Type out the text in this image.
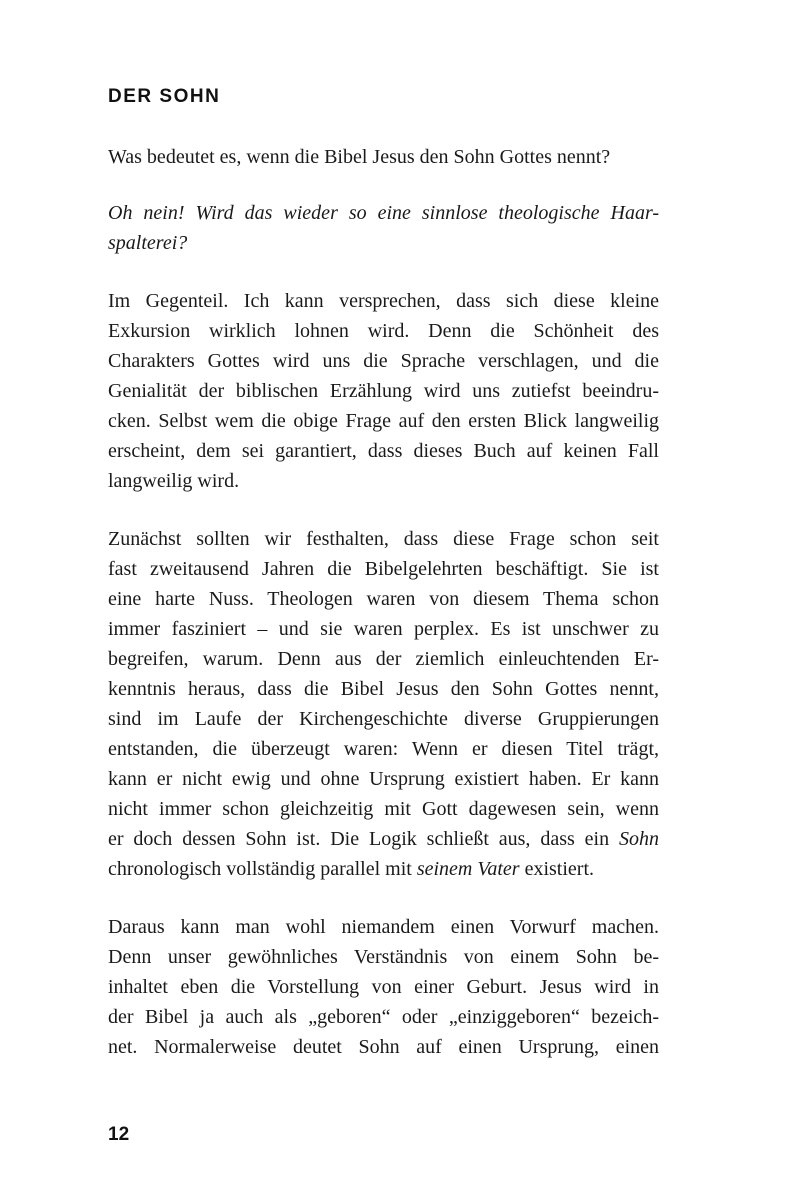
DER SOHN
Was bedeutet es, wenn die Bibel Jesus den Sohn Gottes nennt?
Oh nein! Wird das wieder so eine sinnlose theologische Haar-
spalterei?
Im Gegenteil. Ich kann versprechen, dass sich diese kleine
Exkursion wirklich lohnen wird. Denn die Schönheit des
Charakters Gottes wird uns die Sprache verschlagen, und die
Genialität der biblischen Erzählung wird uns zutiefst beeindru-
cken. Selbst wem die obige Frage auf den ersten Blick langweilig
erscheint, dem sei garantiert, dass dieses Buch auf keinen Fall
langweilig wird.
Zunächst sollten wir festhalten, dass diese Frage schon seit
fast zweitausend Jahren die Bibelgelehrten beschäftigt. Sie ist
eine harte Nuss. Theologen waren von diesem Thema schon
immer fasziniert – und sie waren perplex. Es ist unschwer zu
begreifen, warum. Denn aus der ziemlich einleuchtenden Er-
kenntnis heraus, dass die Bibel Jesus den Sohn Gottes nennt,
sind im Laufe der Kirchengeschichte diverse Gruppierungen
entstanden, die überzeugt waren: Wenn er diesen Titel trägt,
kann er nicht ewig und ohne Ursprung existiert haben. Er kann
nicht immer schon gleichzeitig mit Gott dagewesen sein, wenn
er doch dessen Sohn ist. Die Logik schließt aus, dass ein Sohn
chronologisch vollständig parallel mit seinem Vater existiert.
Daraus kann man wohl niemandem einen Vorwurf machen.
Denn unser gewöhnliches Verständnis von einem Sohn be-
inhaltet eben die Vorstellung von einer Geburt. Jesus wird in
der Bibel ja auch als „geboren“ oder „einziggeboren“ bezeich-
net. Normalerweise deutet Sohn auf einen Ursprung, einen
12
